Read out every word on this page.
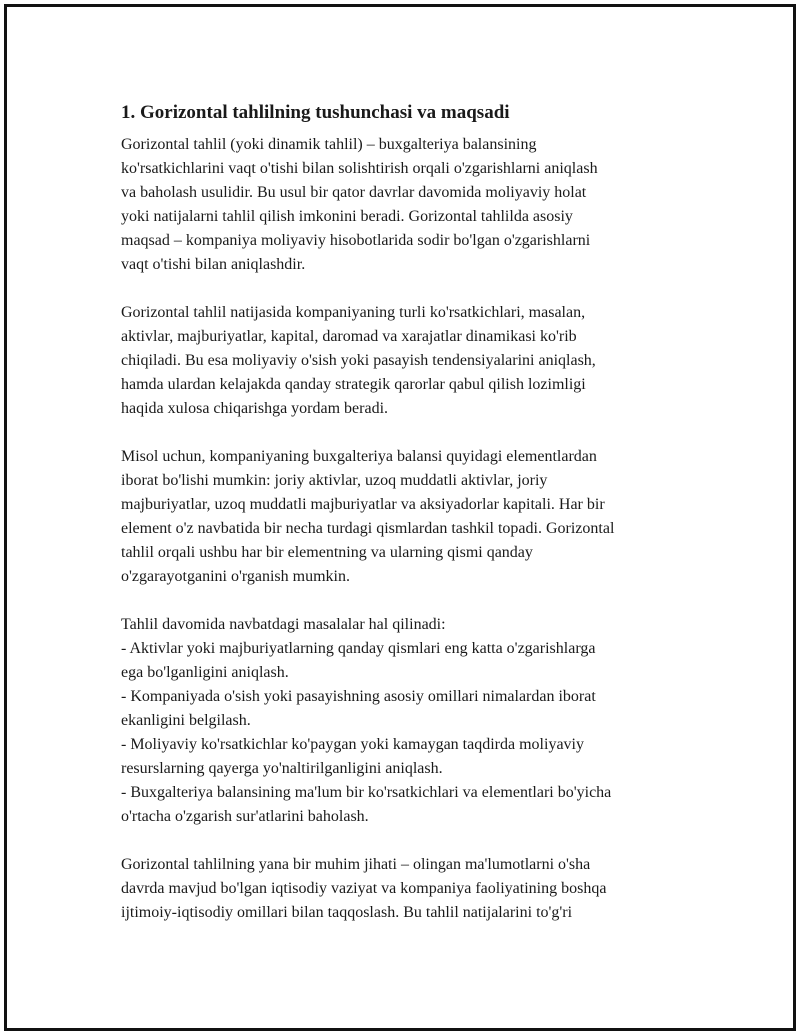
1. Gorizontal tahlilning tushunchasi va maqsadi

Gorizontal tahlil (yoki dinamik tahlil) – buxgalteriya balansining
ko'rsatkichlarini vaqt o'tishi bilan solishtirish orqali o'zgarishlarni aniqlash
va baholash usulidir. Bu usul bir qator davrlar davomida moliyaviy holat
yoki natijalarni tahlil qilish imkonini beradi. Gorizontal tahlilda asosiy
maqsad – kompaniya moliyaviy hisobotlarida sodir bo'lgan o'zgarishlarni
vaqt o'tishi bilan aniqlashdir.

Gorizontal tahlil natijasida kompaniyaning turli ko'rsatkichlari, masalan,
aktivlar, majburiyatlar, kapital, daromad va xarajatlar dinamikasi ko'rib
chiqiladi. Bu esa moliyaviy o'sish yoki pasayish tendensiyalarini aniqlash,
hamda ulardan kelajakda qanday strategik qarorlar qabul qilish lozimligi
haqida xulosa chiqarishga yordam beradi.

Misol uchun, kompaniyaning buxgalteriya balansi quyidagi elementlardan
iborat bo'lishi mumkin: joriy aktivlar, uzoq muddatli aktivlar, joriy
majburiyatlar, uzoq muddatli majburiyatlar va aksiyadorlar kapitali. Har bir
element o'z navbatida bir necha turdagi qismlardan tashkil topadi. Gorizontal
tahlil orqali ushbu har bir elementning va ularning qismi qanday
o'zgarayotganini o'rganish mumkin.

Tahlil davomida navbatdagi masalalar hal qilinadi:
- Aktivlar yoki majburiyatlarning qanday qismlari eng katta o'zgarishlarga
ega bo'lganligini aniqlash.
- Kompaniyada o'sish yoki pasayishning asosiy omillari nimalardan iborat
ekanligini belgilash.
- Moliyaviy ko'rsatkichlar ko'paygan yoki kamaygan taqdirda moliyaviy
resurslarning qayerga yo'naltirilganligini aniqlash.
- Buxgalteriya balansining ma'lum bir ko'rsatkichlari va elementlari bo'yicha
o'rtacha o'zgarish sur'atlarini baholash.

Gorizontal tahlilning yana bir muhim jihati – olingan ma'lumotlarni o'sha
davrda mavjud bo'lgan iqtisodiy vaziyat va kompaniya faoliyatining boshqa
ijtimoiy-iqtisodiy omillari bilan taqqoslash. Bu tahlil natijalarini to'g'ri
